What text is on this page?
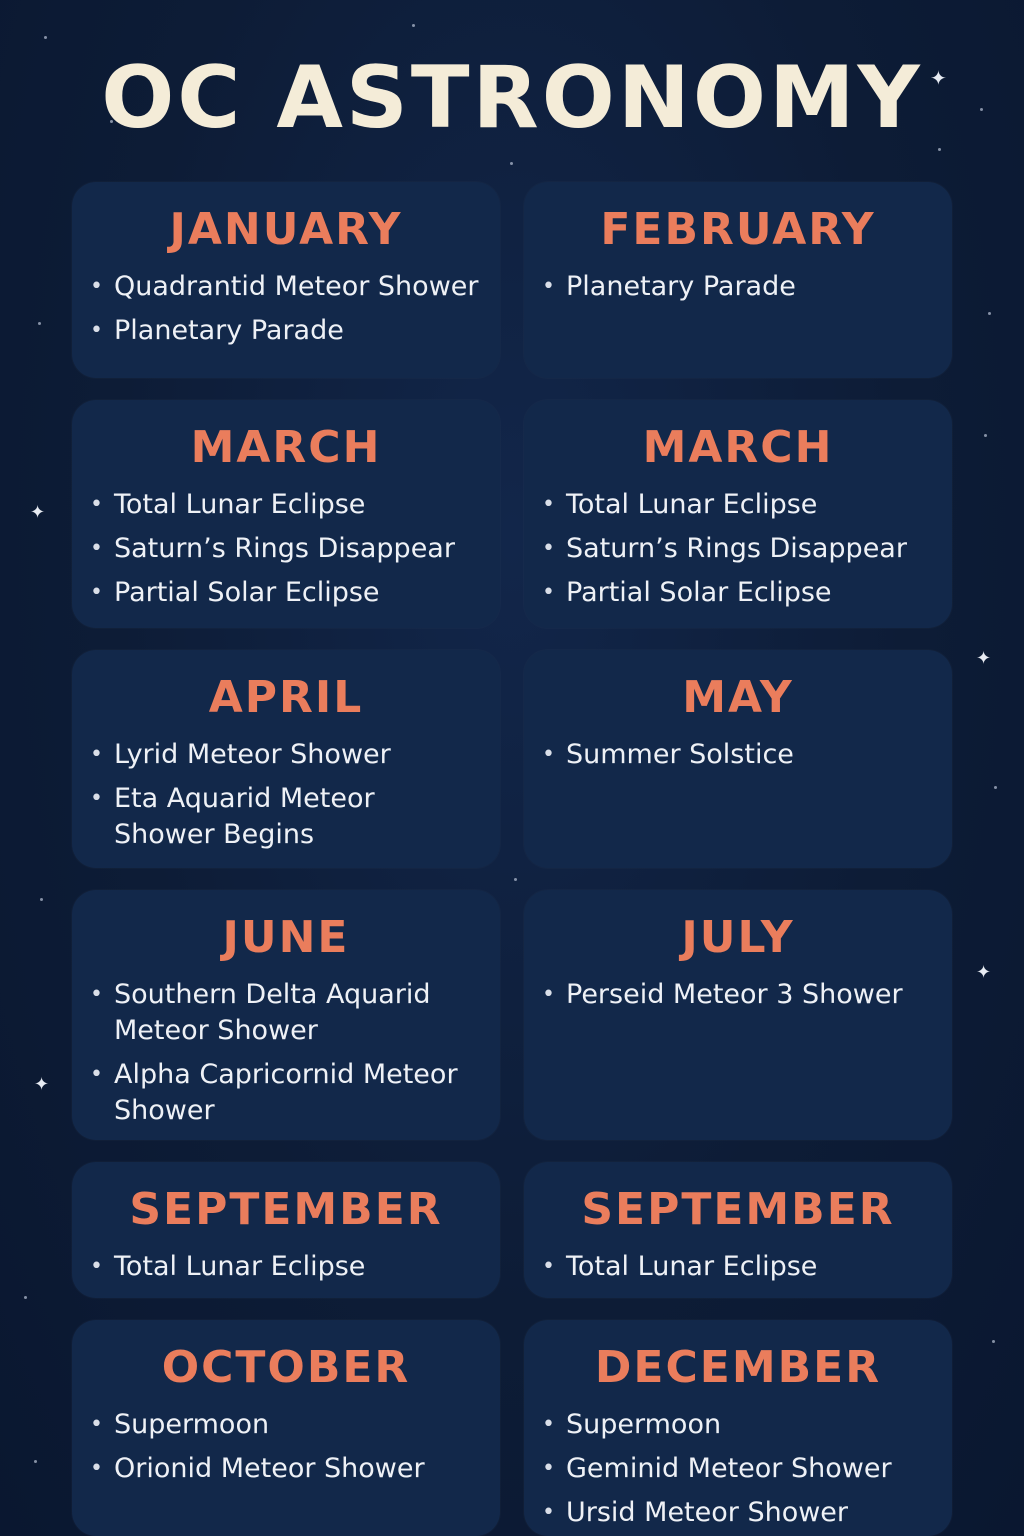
✦
✦
✦
✦
✦
OC ASTRONOMY
JANUARY
• Quadrantid Meteor Shower
• Planetary Parade
FEBRUARY
• Planetary Parade
MARCH
• Total Lunar Eclipse
• Saturn’s Rings Disappear
• Partial Solar Eclipse
MARCH
• Total Lunar Eclipse
• Saturn’s Rings Disappear
• Partial Solar Eclipse
APRIL
• Lyrid Meteor Shower
• Eta Aquarid Meteor Shower Begins
MAY
• Summer Solstice
JUNE
• Southern Delta Aquarid Meteor Shower
• Alpha Capricornid Meteor Shower
JULY
• Perseid Meteor 3 Shower
SEPTEMBER
• Total Lunar Eclipse
SEPTEMBER
• Total Lunar Eclipse
OCTOBER
• Supermoon
• Orionid Meteor Shower
DECEMBER
• Supermoon
• Geminid Meteor Shower
• Ursid Meteor Shower
